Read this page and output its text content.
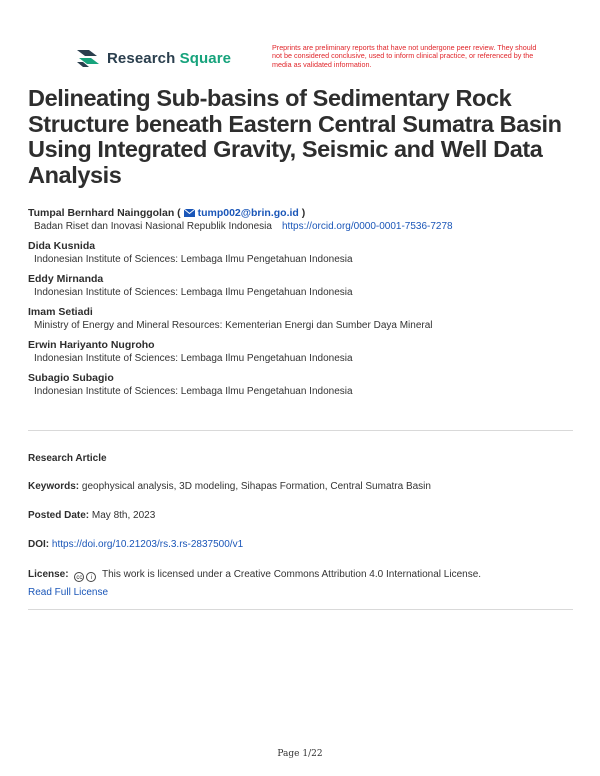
Research Square
Preprints are preliminary reports that have not undergone peer review. They should not be considered conclusive, used to inform clinical practice, or referenced by the media as validated information.
Delineating Sub-basins of Sedimentary Rock Structure beneath Eastern Central Sumatra Basin Using Integrated Gravity, Seismic and Well Data Analysis
Tumpal Bernhard Nainggolan ( tump002@brin.go.id )
Badan Riset dan Inovasi Nasional Republik Indonesia https://orcid.org/0000-0001-7536-7278
Dida Kusnida
Indonesian Institute of Sciences: Lembaga Ilmu Pengetahuan Indonesia
Eddy Mirnanda
Indonesian Institute of Sciences: Lembaga Ilmu Pengetahuan Indonesia
Imam Setiadi
Ministry of Energy and Mineral Resources: Kementerian Energi dan Sumber Daya Mineral
Erwin Hariyanto Nugroho
Indonesian Institute of Sciences: Lembaga Ilmu Pengetahuan Indonesia
Subagio Subagio
Indonesian Institute of Sciences: Lembaga Ilmu Pengetahuan Indonesia
Research Article
Keywords: geophysical analysis, 3D modeling, Sihapas Formation, Central Sumatra Basin
Posted Date: May 8th, 2023
DOI: https://doi.org/10.21203/rs.3.rs-2837500/v1
License:	cc	i This work is licensed under a Creative Commons Attribution 4.0 International License.
Read Full License
Page 1/22
